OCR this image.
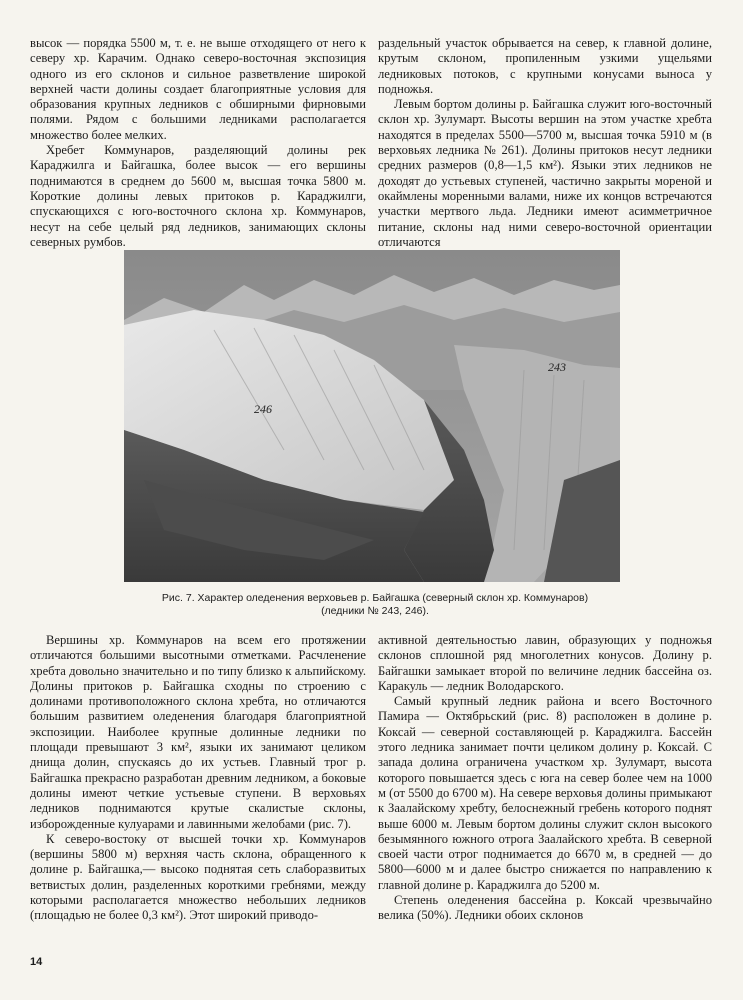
высок — порядка 5500 м, т. е. не выше отходящего от него к северу хр. Карачим. Однако северо-восточная экспозиция одного из его склонов и сильное разветвление широкой верхней части долины создает благоприятные условия для образования крупных ледников с обширными фирновыми полями. Рядом с большими ледниками располагается множество более мелких.

Хребет Коммунаров, разделяющий долины рек Караджилга и Байгашка, более высок — его вершины поднимаются в среднем до 5600 м, высшая точка 5800 м. Короткие долины левых притоков р. Караджилги, спускающихся с юго-восточного склона хр. Коммунаров, несут на себе целый ряд ледников, занимающих склоны северных румбов.

раздельный участок обрывается на север, к главной долине, крутым склоном, пропиленным узкими ущельями ледниковых потоков, с крупными конусами выноса у подножья.

Левым бортом долины р. Байгашка служит юго-восточный склон хр. Зулумарт. Высоты вершин на этом участке хребта находятся в пределах 5500—5700 м, высшая точка 5910 м (в верховьях ледника № 261). Долины притоков несут ледники средних размеров (0,8—1,5 км²). Языки этих ледников не доходят до устьевых ступеней, частично закрыты мореной и окаймлены моренными валами, ниже их концов встречаются участки мертвого льда. Ледники имеют асимметричное питание, склоны над ними северо-восточной ориентации отличаются

246
243
Рис. 7. Характер оледенения верховьев р. Байгашка (северный склон хр. Коммунаров)
(ледники № 243, 246).

Вершины хр. Коммунаров на всем его протяжении отличаются большими высотными отметками. Расчленение хребта довольно значительно и по типу близко к альпийскому. Долины притоков р. Байгашка сходны по строению с долинами противоположного склона хребта, но отличаются большим развитием оледенения благодаря благоприятной экспозиции. Наиболее крупные долинные ледники по площади превышают 3 км², языки их занимают целиком днища долин, спускаясь до их устьев. Главный трог р. Байгашка прекрасно разработан древним ледником, а боковые долины имеют четкие устьевые ступени. В верховьях ледников поднимаются крутые скалистые склоны, изборожденные кулуарами и лавинными желобами (рис. 7).

К северо-востоку от высшей точки хр. Коммунаров (вершины 5800 м) верхняя часть склона, обращенного к долине р. Байгашка,— высоко поднятая сеть слаборазвитых ветвистых долин, разделенных короткими гребнями, между которыми располагается множество небольших ледников (площадью не более 0,3 км²). Этот широкий приводо-

активной деятельностью лавин, образующих у подножья склонов сплошной ряд многолетних конусов. Долину р. Байгашки замыкает второй по величине ледник бассейна оз. Каракуль — ледник Володарского.

Самый крупный ледник района и всего Восточного Памира — Октябрьский (рис. 8) расположен в долине р. Коксай — северной составляющей р. Караджилга. Бассейн этого ледника занимает почти целиком долину р. Коксай. С запада долина ограничена участком хр. Зулумарт, высота которого повышается здесь с юга на север более чем на 1000 м (от 5500 до 6700 м). На севере верховья долины примыкают к Заалайскому хребту, белоснежный гребень которого поднят выше 6000 м. Левым бортом долины служит склон высокого безымянного южного отрога Заалайского хребта. В северной своей части отрог поднимается до 6670 м, в средней — до 5800—6000 м и далее быстро снижается по направлению к главной долине р. Караджилга до 5200 м.

Степень оледенения бассейна р. Коксай чрезвычайно велика (50%). Ледники обоих склонов

14
